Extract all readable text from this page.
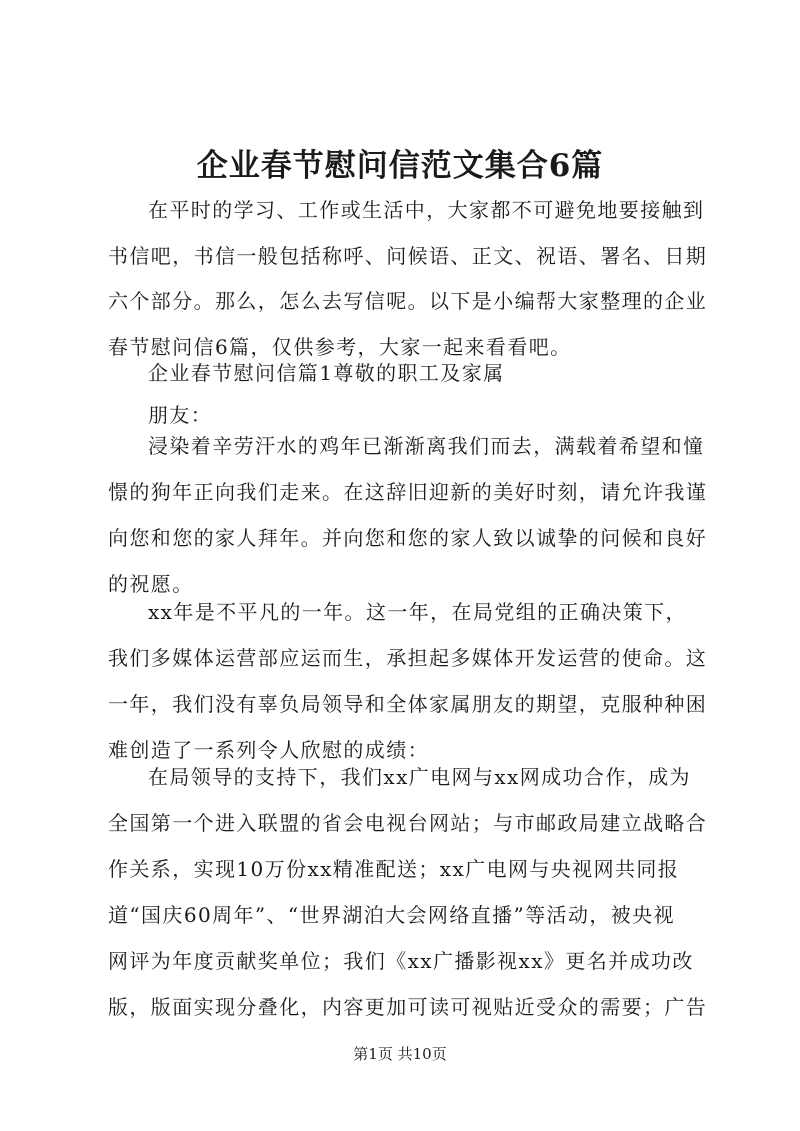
企业春节慰问信范文集合6篇
在平时的学习、工作或生活中，大家都不可避免地要接触到
书信吧，书信一般包括称呼、问候语、正文、祝语、署名、日期
六个部分。那么，怎么去写信呢。以下是小编帮大家整理的企业
春节慰问信6篇，仅供参考，大家一起来看看吧。
企业春节慰问信篇1尊敬的职工及家属
朋友：
浸染着辛劳汗水的鸡年已渐渐离我们而去，满载着希望和憧
憬的狗年正向我们走来。在这辞旧迎新的美好时刻，请允许我谨
向您和您的家人拜年。并向您和您的家人致以诚挚的问候和良好
的祝愿。
xx年是不平凡的一年。这一年，在局党组的正确决策下，
我们多媒体运营部应运而生，承担起多媒体开发运营的使命。这
一年，我们没有辜负局领导和全体家属朋友的期望，克服种种困
难创造了一系列令人欣慰的成绩：
在局领导的支持下，我们xx广电网与xx网成功合作，成为
全国第一个进入联盟的省会电视台网站；与市邮政局建立战略合
作关系，实现10万份xx精准配送；xx广电网与央视网共同报
道“国庆60周年”、“世界湖泊大会网络直播”等活动，被央视
网评为年度贡献奖单位；我们《xx广播影视xx》更名并成功改
版，版面实现分叠化，内容更加可读可视贴近受众的需要；广告
第1页 共10页
